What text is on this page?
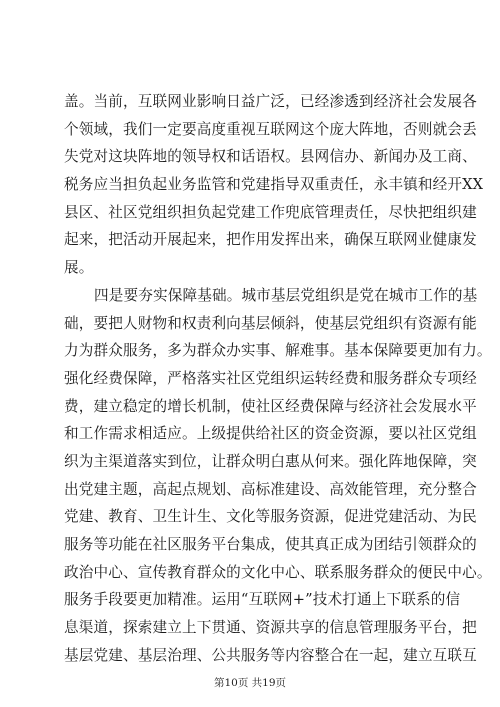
盖。当前，互联网业影响日益广泛，已经渗透到经济社会发展各
个领域，我们一定要高度重视互联网这个庞大阵地，否则就会丢
失党对这块阵地的领导权和话语权。县网信办、新闻办及工商、
税务应当担负起业务监管和党建指导双重责任，永丰镇和经开XX
县区、社区党组织担负起党建工作兜底管理责任，尽快把组织建
起来，把活动开展起来，把作用发挥出来，确保互联网业健康发
展。
四是要夯实保障基础。城市基层党组织是党在城市工作的基
础，要把人财物和权责利向基层倾斜，使基层党组织有资源有能
力为群众服务，多为群众办实事、解难事。基本保障要更加有力。
强化经费保障，严格落实社区党组织运转经费和服务群众专项经
费，建立稳定的增长机制，使社区经费保障与经济社会发展水平
和工作需求相适应。上级提供给社区的资金资源，要以社区党组
织为主渠道落实到位，让群众明白惠从何来。强化阵地保障，突
出党建主题，高起点规划、高标准建设、高效能管理，充分整合
党建、教育、卫生计生、文化等服务资源，促进党建活动、为民
服务等功能在社区服务平台集成，使其真正成为团结引领群众的
政治中心、宣传教育群众的文化中心、联系服务群众的便民中心。
服务手段要更加精准。运用“互联网+”技术打通上下联系的信
息渠道，探索建立上下贯通、资源共享的信息管理服务平台，把
基层党建、基层治理、公共服务等内容整合在一起，建立互联互
第10页 共19页
